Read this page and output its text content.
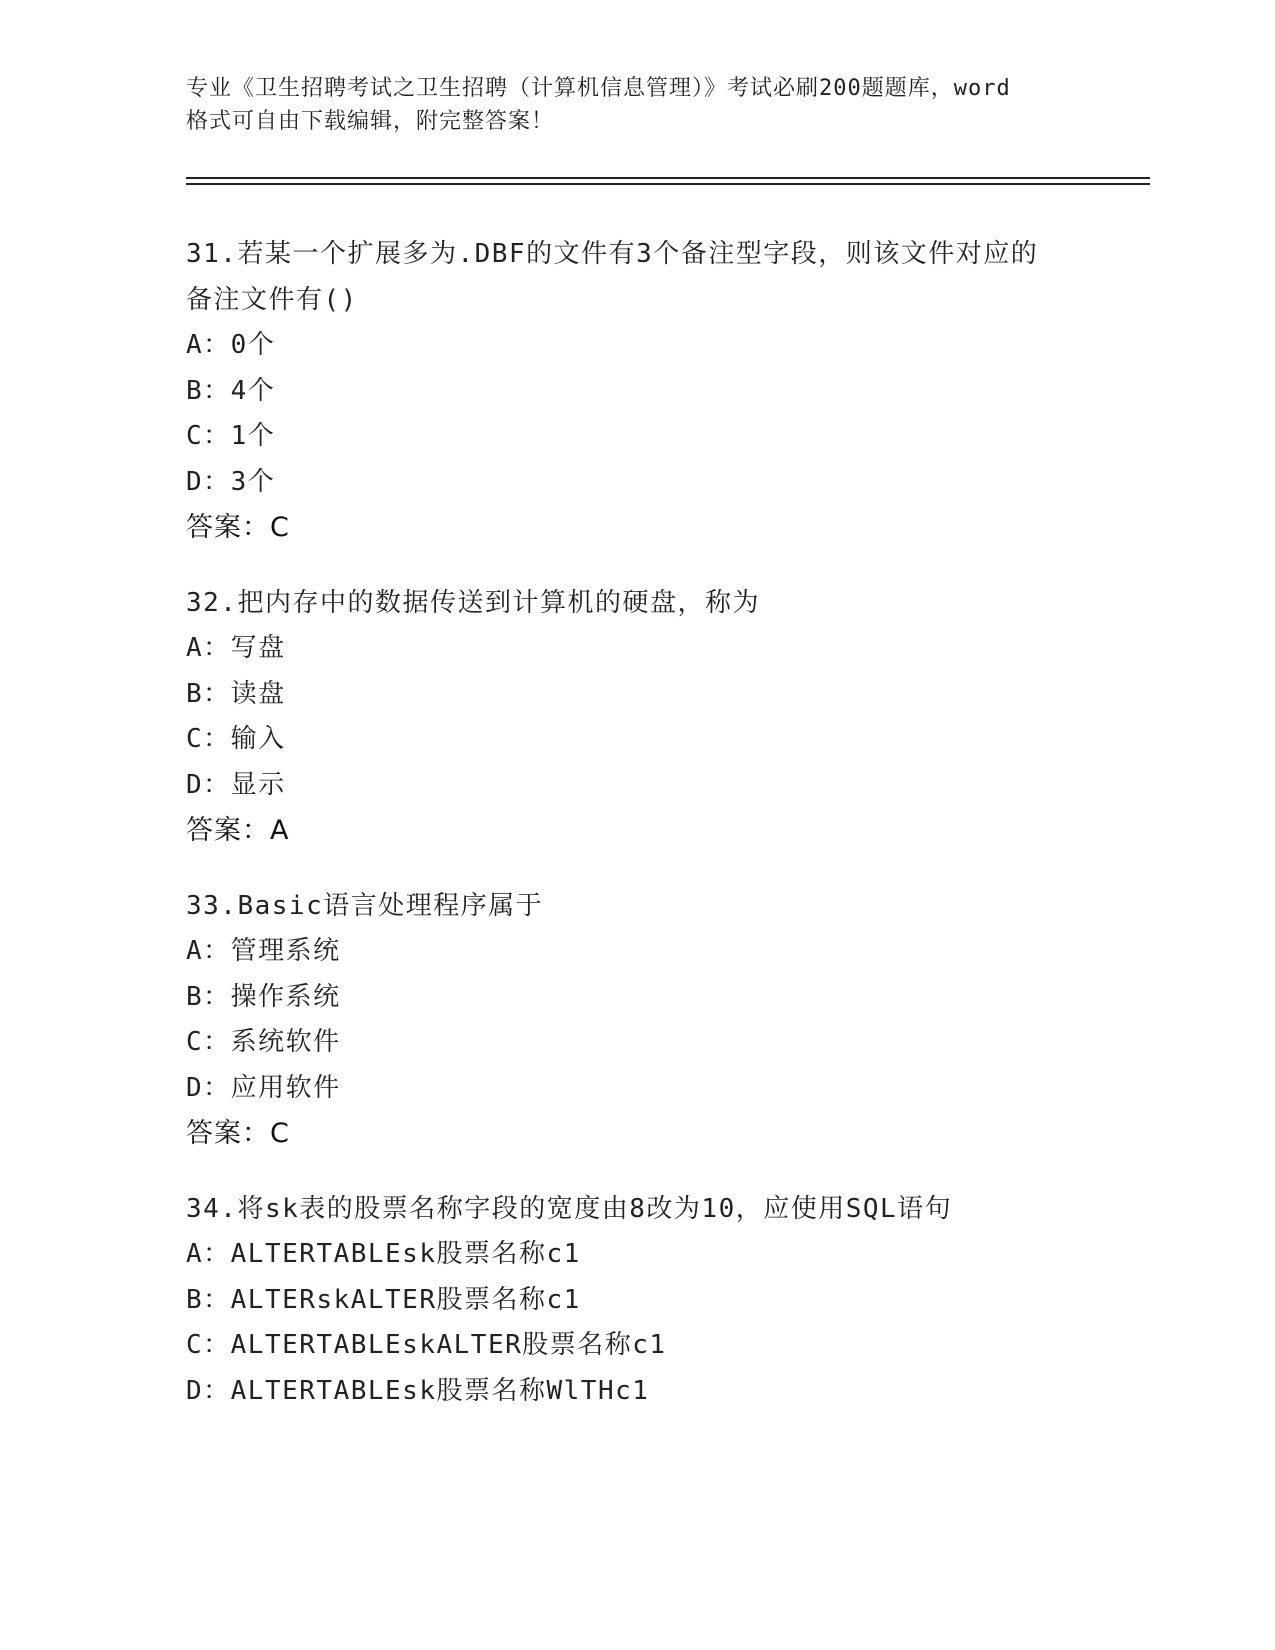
专业《卫生招聘考试之卫生招聘（计算机信息管理）》考试必刷200题题库，word
格式可自由下载编辑，附完整答案！
31.若某一个扩展多为.DBF的文件有3个备注型字段，则该文件对应的
备注文件有()
A：0个
B：4个
C：1个
D：3个
答案：C
32.把内存中的数据传送到计算机的硬盘，称为
A：写盘
B：读盘
C：输入
D：显示
答案：A
33.Basic语言处理程序属于
A：管理系统
B：操作系统
C：系统软件
D：应用软件
答案：C
34.将sk表的股票名称字段的宽度由8改为10，应使用SQL语句
A：ALTERTABLEsk股票名称c1
B：ALTERskALTER股票名称c1
C：ALTERTABLEskALTER股票名称c1
D：ALTERTABLEsk股票名称WlTHc1
